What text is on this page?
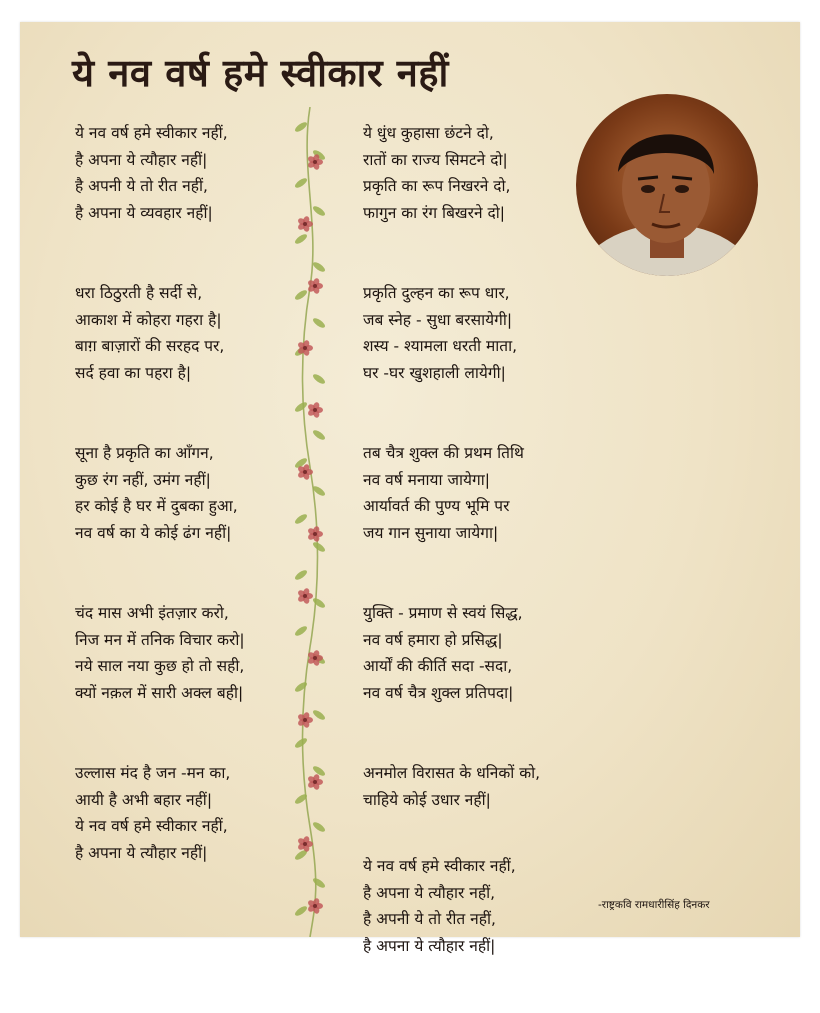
ये नव वर्ष हमे स्वीकार नहीं
ये नव वर्ष हमे स्वीकार नहीं,
है अपना ये त्यौहार नहीं|
है अपनी ये तो रीत नहीं,
है अपना ये व्यवहार नहीं|
धरा ठिठुरती है सर्दी से,
आकाश में कोहरा गहरा है|
बाग़ बाज़ारों की सरहद पर,
सर्द हवा का पहरा है|
सूना है प्रकृति का आँगन,
कुछ रंग नहीं, उमंग नहीं|
हर कोई है घर में दुबका हुआ,
नव वर्ष का ये कोई ढंग नहीं|
चंद मास अभी इंतज़ार करो,
निज मन में तनिक विचार करो|
नये साल नया कुछ हो तो सही,
क्यों नक़ल में सारी अक्ल बही|
उल्लास मंद है जन -मन का,
आयी है अभी बहार नहीं|
ये नव वर्ष हमे स्वीकार नहीं,
है अपना ये त्यौहार नहीं|
ये धुंध कुहासा छंटने दो,
रातों का राज्य सिमटने दो|
प्रकृति का रूप निखरने दो,
फागुन का रंग बिखरने दो|
प्रकृति दुल्हन का रूप धार,
जब स्नेह - सुधा बरसायेगी|
शस्य - श्यामला धरती माता,
घर -घर खुशहाली लायेगी|
तब चैत्र शुक्ल की प्रथम तिथि
नव वर्ष मनाया जायेगा|
आर्यावर्त की पुण्य भूमि पर
जय गान सुनाया जायेगा|
युक्ति - प्रमाण से स्वयं सिद्ध,
नव वर्ष हमारा हो प्रसिद्ध|
आर्यों की कीर्ति सदा -सदा,
नव वर्ष चैत्र शुक्ल प्रतिपदा|
अनमोल विरासत के धनिकों को,
चाहिये कोई उधार नहीं|
ये नव वर्ष हमे स्वीकार नहीं,
है अपना ये त्यौहार नहीं,
है अपनी ये तो रीत नहीं,
है अपना ये त्यौहार नहीं|
-राष्ट्रकवि रामधारीसिंह दिनकर
